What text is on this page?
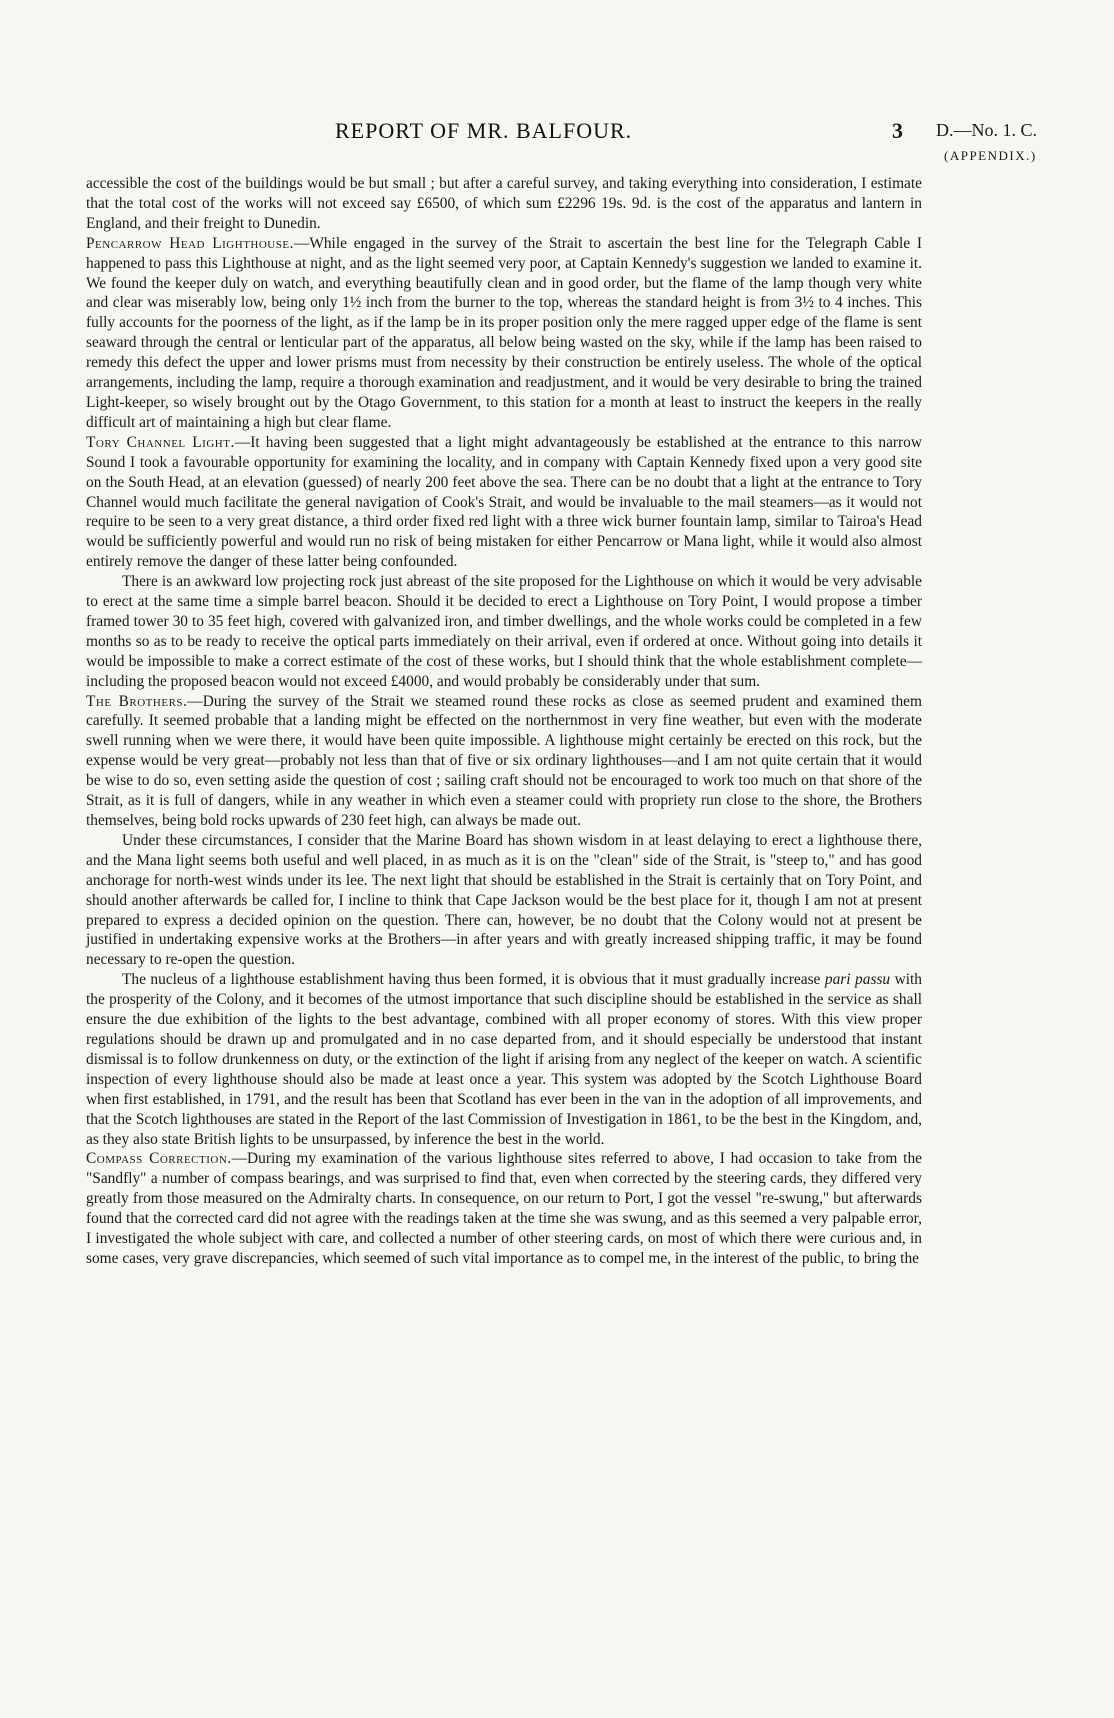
REPORT OF MR. BALFOUR.	3 D.—No. 1. C.
(APPENDIX.)

accessible the cost of the buildings would be but small ; but after a careful survey, and taking everything into consideration, I estimate that the total cost of the works will not exceed say £6500, of which sum £2296 19s. 9d. is the cost of the apparatus and lantern in England, and their freight to Dunedin.

Pencarrow Head Lighthouse.—While engaged in the survey of the Strait to ascertain the best line for the Telegraph Cable I happened to pass this Lighthouse at night, and as the light seemed very poor, at Captain Kennedy's suggestion we landed to examine it. We found the keeper duly on watch, and everything beautifully clean and in good order, but the flame of the lamp though very white and clear was miserably low, being only 1½ inch from the burner to the top, whereas the standard height is from 3½ to 4 inches. This fully accounts for the poorness of the light, as if the lamp be in its proper position only the mere ragged upper edge of the flame is sent seaward through the central or lenticular part of the apparatus, all below being wasted on the sky, while if the lamp has been raised to remedy this defect the upper and lower prisms must from necessity by their construction be entirely useless. The whole of the optical arrangements, including the lamp, require a thorough examination and readjustment, and it would be very desirable to bring the trained Light-keeper, so wisely brought out by the Otago Government, to this station for a month at least to instruct the keepers in the really difficult art of maintaining a high but clear flame.

Tory Channel Light.—It having been suggested that a light might advantageously be established at the entrance to this narrow Sound I took a favourable opportunity for examining the locality, and in company with Captain Kennedy fixed upon a very good site on the South Head, at an elevation (guessed) of nearly 200 feet above the sea. There can be no doubt that a light at the entrance to Tory Channel would much facilitate the general navigation of Cook's Strait, and would be invaluable to the mail steamers—as it would not require to be seen to a very great distance, a third order fixed red light with a three wick burner fountain lamp, similar to Tairoa's Head would be sufficiently powerful and would run no risk of being mistaken for either Pencarrow or Mana light, while it would also almost entirely remove the danger of these latter being confounded.

There is an awkward low projecting rock just abreast of the site proposed for the Lighthouse on which it would be very advisable to erect at the same time a simple barrel beacon. Should it be decided to erect a Lighthouse on Tory Point, I would propose a timber framed tower 30 to 35 feet high, covered with galvanized iron, and timber dwellings, and the whole works could be completed in a few months so as to be ready to receive the optical parts immediately on their arrival, even if ordered at once. Without going into details it would be impossible to make a correct estimate of the cost of these works, but I should think that the whole establishment complete—including the proposed beacon would not exceed £4000, and would probably be considerably under that sum.

The Brothers.—During the survey of the Strait we steamed round these rocks as close as seemed prudent and examined them carefully. It seemed probable that a landing might be effected on the northernmost in very fine weather, but even with the moderate swell running when we were there, it would have been quite impossible. A lighthouse might certainly be erected on this rock, but the expense would be very great—probably not less than that of five or six ordinary lighthouses—and I am not quite certain that it would be wise to do so, even setting aside the question of cost ; sailing craft should not be encouraged to work too much on that shore of the Strait, as it is full of dangers, while in any weather in which even a steamer could with propriety run close to the shore, the Brothers themselves, being bold rocks upwards of 230 feet high, can always be made out.

Under these circumstances, I consider that the Marine Board has shown wisdom in at least delaying to erect a lighthouse there, and the Mana light seems both useful and well placed, in as much as it is on the "clean" side of the Strait, is "steep to," and has good anchorage for north-west winds under its lee. The next light that should be established in the Strait is certainly that on Tory Point, and should another afterwards be called for, I incline to think that Cape Jackson would be the best place for it, though I am not at present prepared to express a decided opinion on the question. There can, however, be no doubt that the Colony would not at present be justified in undertaking expensive works at the Brothers—in after years and with greatly increased shipping traffic, it may be found necessary to re-open the question.

The nucleus of a lighthouse establishment having thus been formed, it is obvious that it must gradually increase pari passu with the prosperity of the Colony, and it becomes of the utmost importance that such discipline should be established in the service as shall ensure the due exhibition of the lights to the best advantage, combined with all proper economy of stores. With this view proper regulations should be drawn up and promulgated and in no case departed from, and it should especially be understood that instant dismissal is to follow drunkenness on duty, or the extinction of the light if arising from any neglect of the keeper on watch. A scientific inspection of every lighthouse should also be made at least once a year. This system was adopted by the Scotch Lighthouse Board when first established, in 1791, and the result has been that Scotland has ever been in the van in the adoption of all improvements, and that the Scotch lighthouses are stated in the Report of the last Commission of Investigation in 1861, to be the best in the Kingdom, and, as they also state British lights to be unsurpassed, by inference the best in the world.

Compass Correction.—During my examination of the various lighthouse sites referred to above, I had occasion to take from the "Sandfly" a number of compass bearings, and was surprised to find that, even when corrected by the steering cards, they differed very greatly from those measured on the Admiralty charts. In consequence, on our return to Port, I got the vessel "re-swung," but afterwards found that the corrected card did not agree with the readings taken at the time she was swung, and as this seemed a very palpable error, I investigated the whole subject with care, and collected a number of other steering cards, on most of which there were curious and, in some cases, very grave discrepancies, which seemed of such vital importance as to compel me, in the interest of the public, to bring the
